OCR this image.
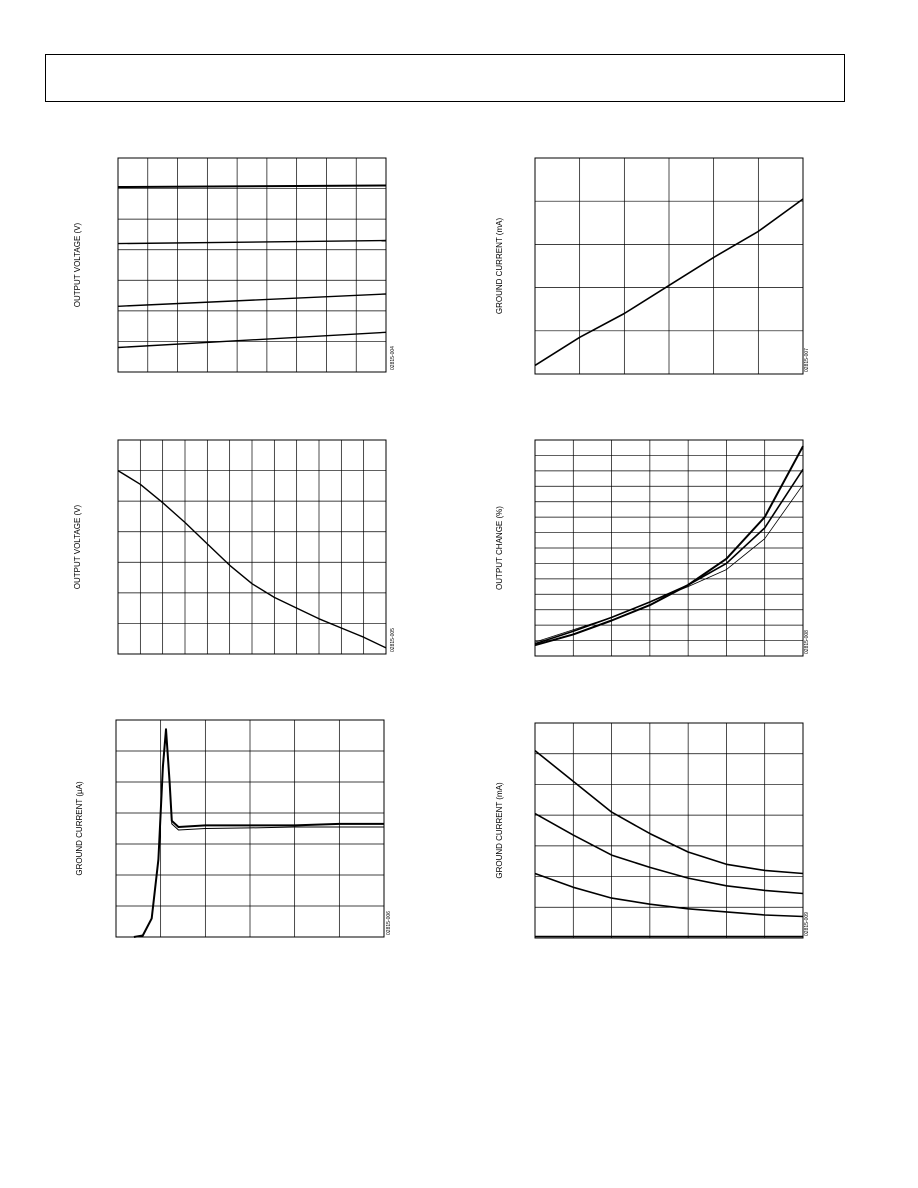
OUTPUT VOLTAGE (V)
02815-004
GROUND CURRENT (mA)
02815-007
OUTPUT VOLTAGE (V)
02815-005
OUTPUT CHANGE (%)
02815-008
GROUND CURRENT (µA)
02815-006
GROUND CURRENT (mA)
02815-009
